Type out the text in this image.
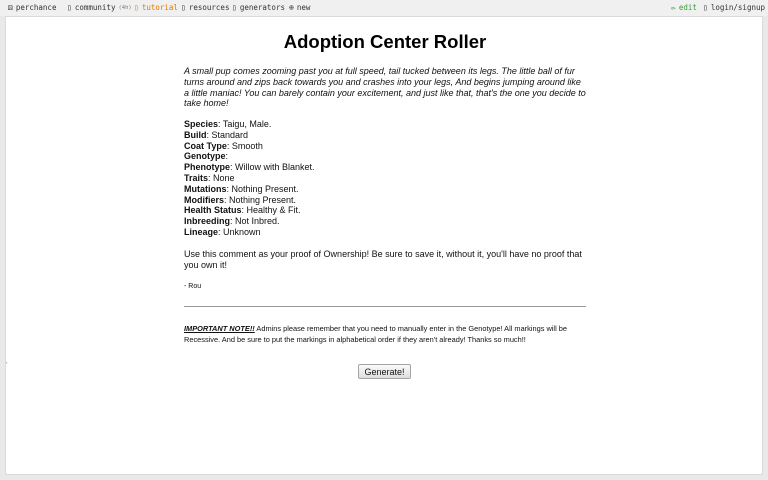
⚄ perchance ▯ community (4h) ▯ tutorial ▯ resources ▯ generators ⊕ new	✏ edit ▯ login/signup
Adoption Center Roller
A small pup comes zooming past you at full speed, tail tucked between its legs. The little ball of fur turns around and zips back towards you and crashes into your legs, And begins jumping around like a little maniac! You can barely contain your excitement, and just like that, that's the one you decide to take home!
Species: Taigu, Male.
Build: Standard
Coat Type: Smooth
Genotype:
Phenotype: Willow with Blanket.
Traits: None
Mutations: Nothing Present.
Modifiers: Nothing Present.
Health Status: Healthy & Fit.
Inbreeding: Not Inbred.
Lineage: Unknown
Use this comment as your proof of Ownership! Be sure to save it, without it, you'll have no proof that you own it!
- Rou
IMPORTANT NOTE!! Admins please remember that you need to manually enter in the Genotype! All markings will be Recessive. And be sure to put the markings in alphabetical order if they aren't already! Thanks so much!!
Generate!
,
